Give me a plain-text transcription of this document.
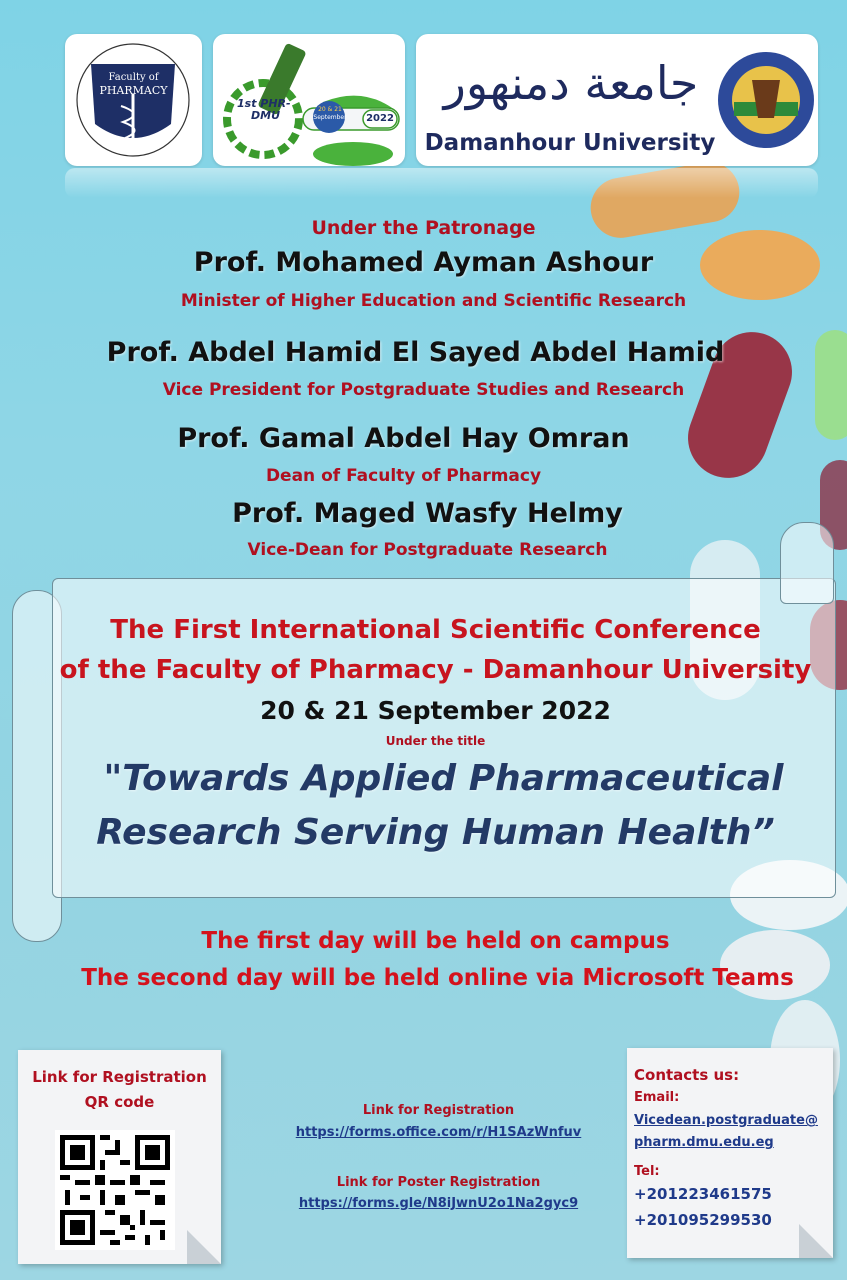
Faculty of
PHARMACY
1st PHR-
DMU	20 & 21
September 2022
جامعة دمنهور
Damanhour University	جامعة دمنهور
Under the Patronage
Prof. Mohamed Ayman Ashour
Minister of Higher Education and Scientific Research
Prof. Abdel Hamid El Sayed Abdel Hamid
Vice President for Postgraduate Studies and Research
Prof. Gamal Abdel Hay Omran
Dean of Faculty of Pharmacy
Prof. Maged Wasfy Helmy
Vice-Dean for Postgraduate Research
The First International Scientific Conference
of the Faculty of Pharmacy - Damanhour University
20 & 21 September 2022
Under the title
"Towards Applied Pharmaceutical
Research Serving Human Health”
The first day will be held on campus
The second day will be held online via Microsoft Teams
Link for Registration
QR code	Link for Registration
https://forms.office.com/r/H1SAzWnfuv
Link for Poster Registration
https://forms.gle/N8iJwnU2o1Na2gyc9
Contacts us:
Email:
Vicedean.postgraduate@
pharm.dmu.edu.eg
Tel:
+201223461575
+201095299530
